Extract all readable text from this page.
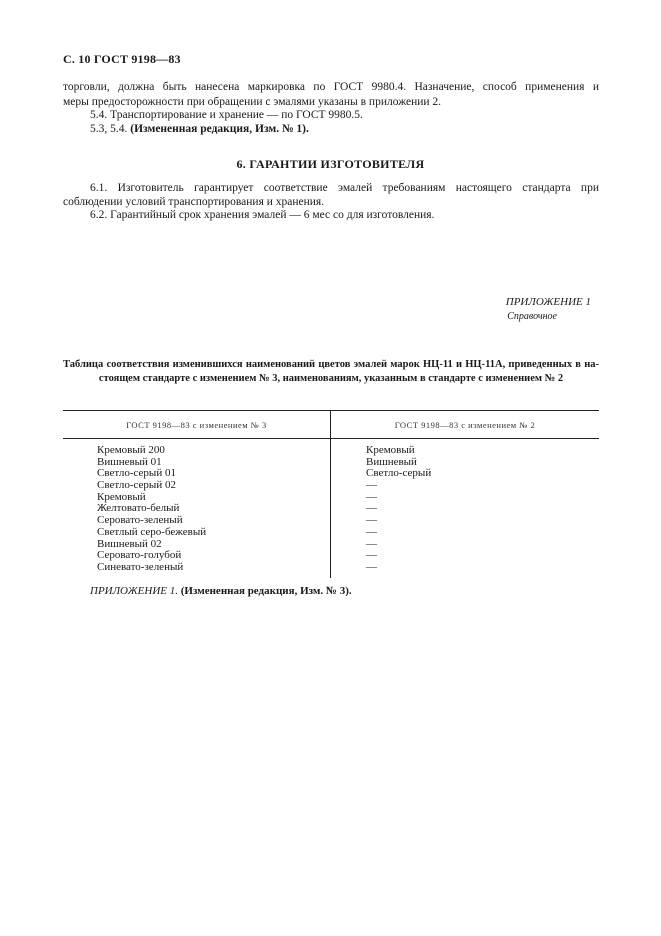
С. 10 ГОСТ 9198—83
торговли, должна быть нанесена маркировка по ГОСТ 9980.4. Назначение, способ применения и
меры предосторожности при обращении с эмалями указаны в приложении 2.
5.4. Транспортирование и хранение — по ГОСТ 9980.5.
5.3, 5.4. (Измененная редакция, Изм. № 1).
6. ГАРАНТИИ ИЗГОТОВИТЕЛЯ
6.1. Изготовитель гарантирует соответствие эмалей требованиям настоящего стандарта при
соблюдении условий транспортирования и хранения.
6.2. Гарантийный срок хранения эмалей — 6 мес со для изготовления.
ПРИЛОЖЕНИЕ 1
Справочное
Таблица соответствия изменившихся наименований цветов эмалей марок НЦ-11 и НЦ-11А, приведенных в на-
стоящем стандарте с изменением № 3, наименованиям, указанным в стандарте с изменением № 2
ГОСТ 9198—83 с изменением № 3	ГОСТ 9198—83 с изменением № 2
Кремовый 200	Кремовый
Вишневый 01	Вишневый
Светло-серый 01	Светло-серый
Светло-серый 02	—
Кремовый	—
Желтовато-белый	—
Серовато-зеленый	—
Светлый серо-бежевый	—
Вишневый 02	—
Серовато-голубой	—
Синевато-зеленый	—
ПРИЛОЖЕНИЕ 1. (Измененная редакция, Изм. № 3).
